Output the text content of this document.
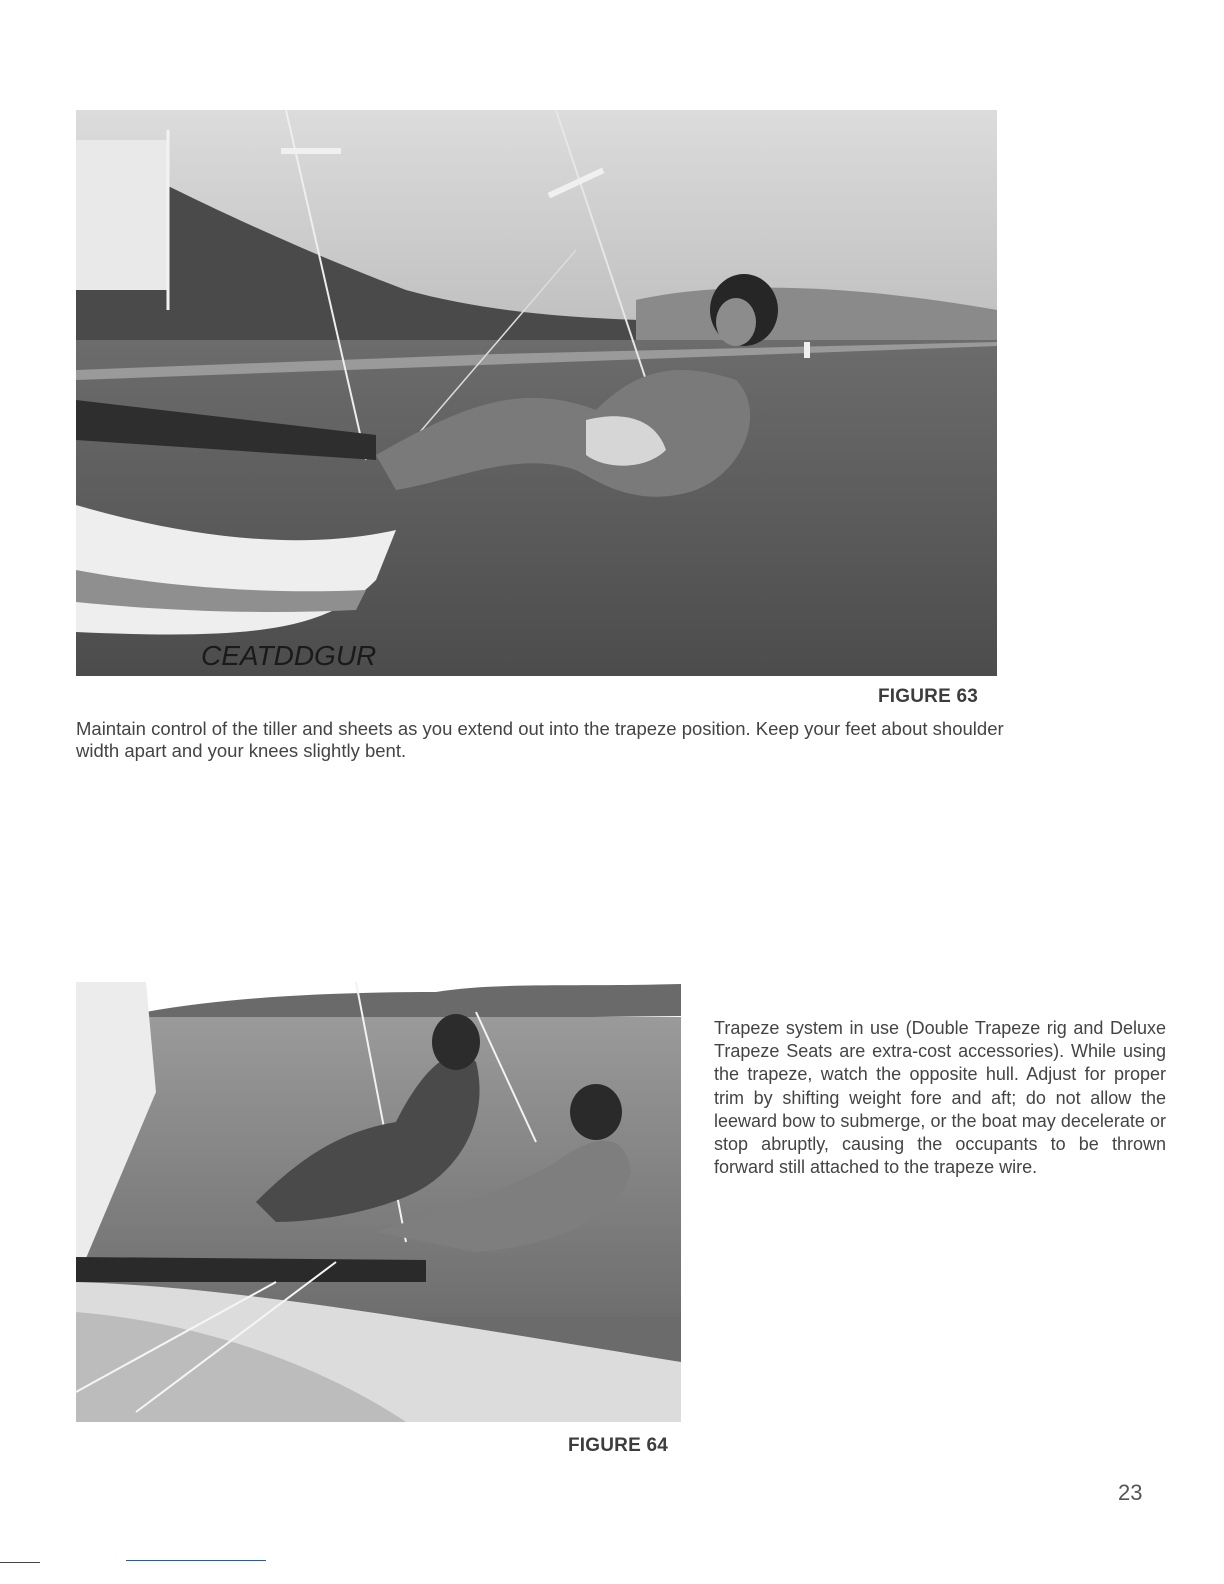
CEATDDGUR
FIGURE 63
Maintain control of the tiller and sheets as you extend out into the trapeze position. Keep your feet about shoulder width apart and your knees slightly bent.
FIGURE 64
Trapeze system in use (Double Trapeze rig and Deluxe Trapeze Seats are extra-cost accessories). While using the trapeze, watch the opposite hull. Adjust for proper trim by shifting weight fore and aft; do not allow the leeward bow to submerge, or the boat may decelerate or stop abruptly, causing the occupants to be thrown forward still attached to the trapeze wire.
23
